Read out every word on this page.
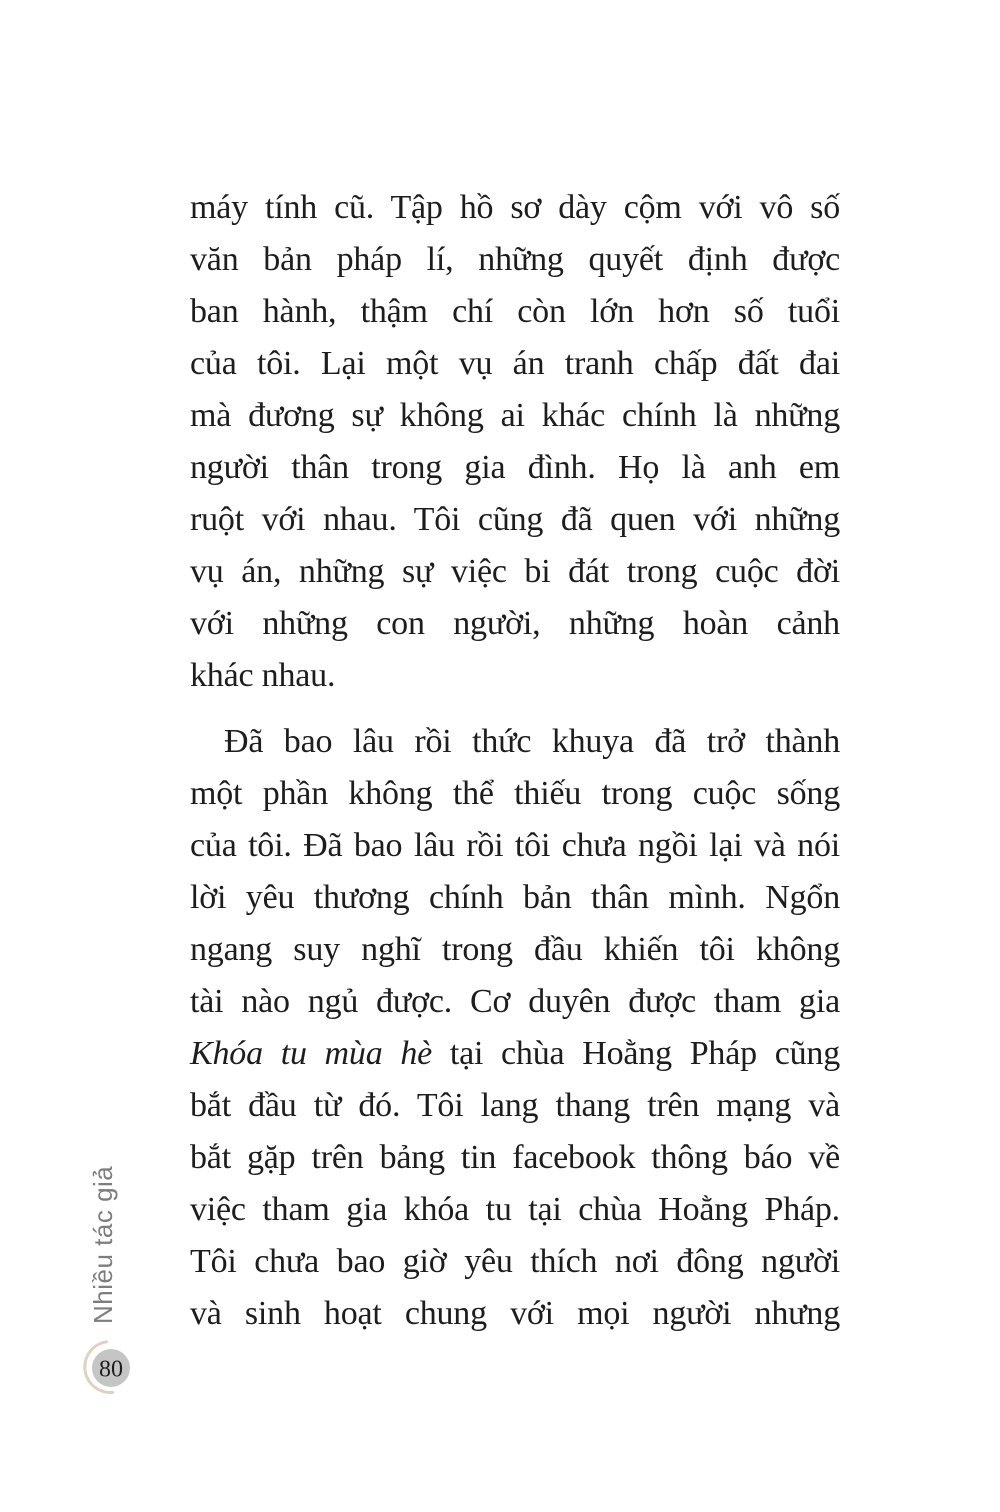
máy tính cũ. Tập hồ sơ dày cộm với vô số
văn bản pháp lí, những quyết định được
ban hành, thậm chí còn lớn hơn số tuổi
của tôi. Lại một vụ án tranh chấp đất đai
mà đương sự không ai khác chính là những
người thân trong gia đình. Họ là anh em
ruột với nhau. Tôi cũng đã quen với những
vụ án, những sự việc bi đát trong cuộc đời
với những con người, những hoàn cảnh
khác nhau.
Đã bao lâu rồi thức khuya đã trở thành
một phần không thể thiếu trong cuộc sống
của tôi. Đã bao lâu rồi tôi chưa ngồi lại và nói
lời yêu thương chính bản thân mình. Ngổn
ngang suy nghĩ trong đầu khiến tôi không
tài nào ngủ được. Cơ duyên được tham gia
Khóa tu mùa hè tại chùa Hoằng Pháp cũng
bắt đầu từ đó. Tôi lang thang trên mạng và
bắt gặp trên bảng tin facebook thông báo về
việc tham gia khóa tu tại chùa Hoằng Pháp.
Tôi chưa bao giờ yêu thích nơi đông người
và sinh hoạt chung với mọi người nhưng
Nhiều tác giả
80
